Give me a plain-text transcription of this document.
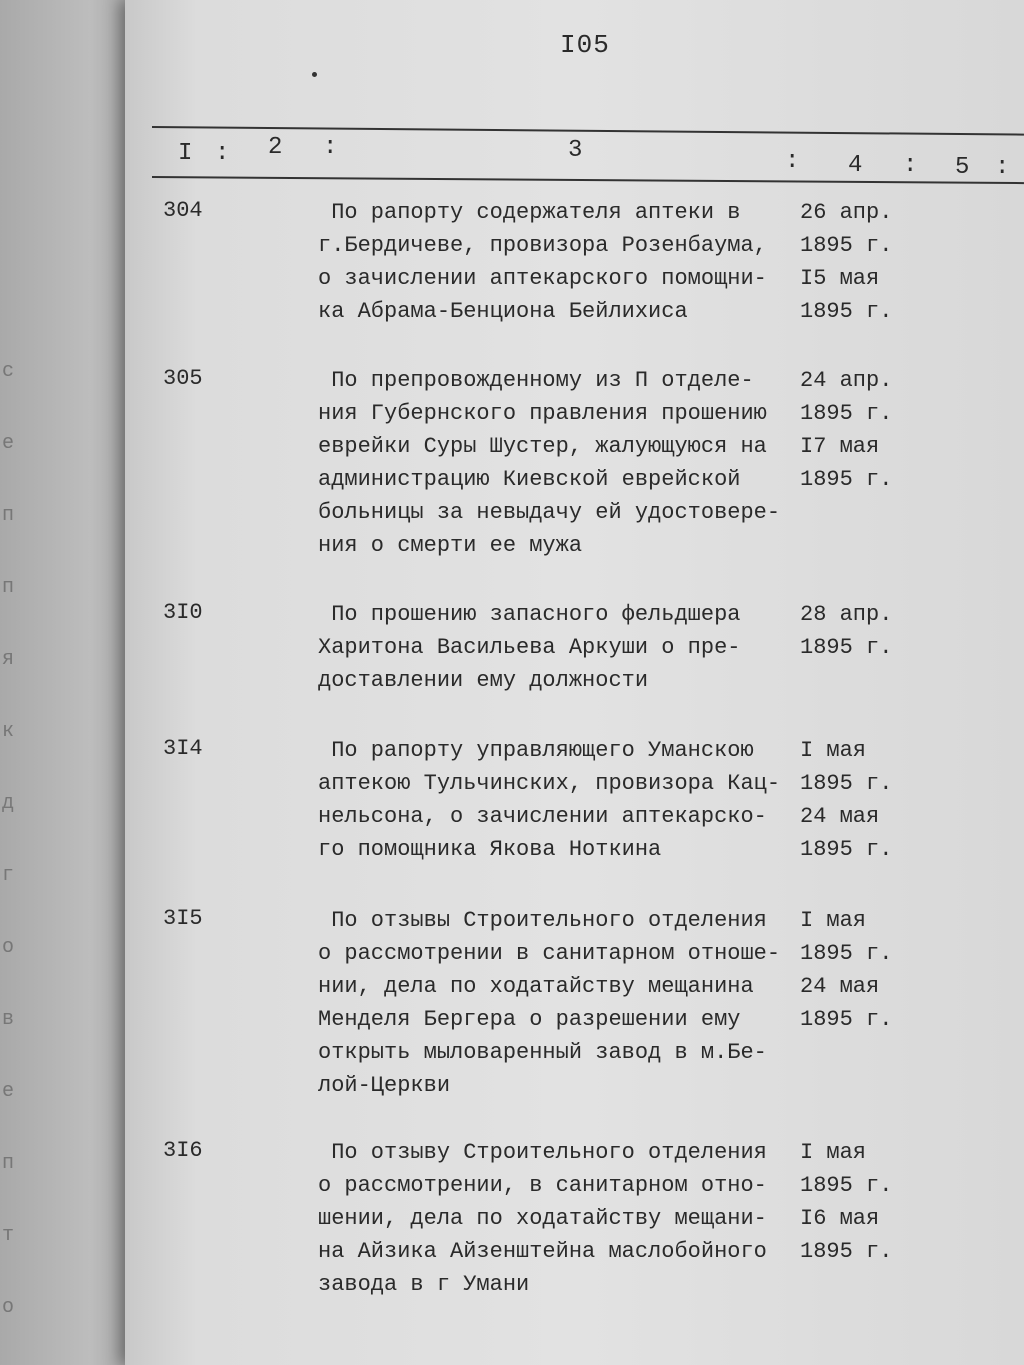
с
е
п
п
я
к
д
г
о
в
е
п
т
о
I05
I : 2 :	3	: 4 : 5 :
304	По рапорту содержателя аптеки в
г.Бердичеве, провизора Розенбаума,
о зачислении аптекарского помощни-
ка Абрама-Бенциона Бейлихиса
26 апр.
1895 г.
I5 мая
1895 г.
305	По препровожденному из П отделе-
ния Губернского правления прошению
еврейки Суры Шустер, жалующуюся на
администрацию Киевской еврейской
больницы за невыдачу ей удостовере-
ния о смерти ее мужа
24 апр.
1895 г.
I7 мая
1895 г.
3I0	По прошению запасного фельдшера
Харитона Васильева Аркуши о пре-
доставлении ему должности
28 апр.
1895 г.
3I4	По рапорту управляющего Уманскою
аптекою Тульчинских, провизора Кац-
нельсона, о зачислении аптекарско-
го помощника Якова Ноткина
I мая
1895 г.
24 мая
1895 г.
3I5	По отзывы Строительного отделения
о рассмотрении в санитарном отноше-
нии, дела по ходатайству мещанина
Менделя Бергера о разрешении ему
открыть мыловаренный завод в м.Бе-
лой-Церкви
I мая
1895 г.
24 мая
1895 г.
3I6	По отзыву Строительного отделения
о рассмотрении, в санитарном отно-
шении, дела по ходатайству мещани-
на Айзика Айзенштейна маслобойного
завода в г Умани
I мая
1895 г.
I6 мая
1895 г.
